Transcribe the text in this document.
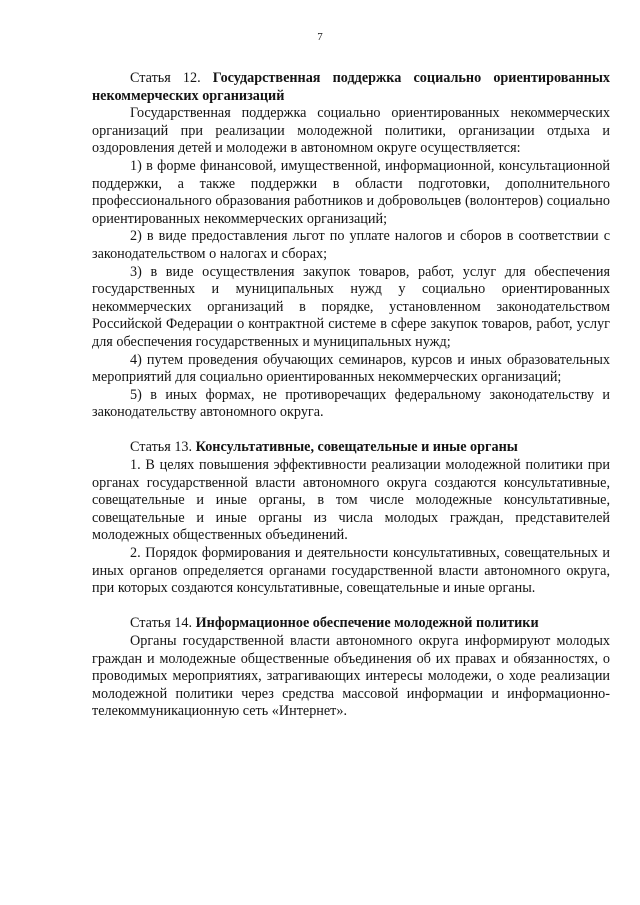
7

Статья 12. Государственная поддержка социально ориентированных некоммерческих организаций

Государственная поддержка социально ориентированных некоммерческих организаций при реализации молодежной политики, организации отдыха и оздоровления детей и молодежи в автономном округе осуществляется:

1) в форме финансовой, имущественной, информационной, консультационной поддержки, а также поддержки в области подготовки, дополнительного профессионального образования работников и добровольцев (волонтеров) социально ориентированных некоммерческих организаций;

2) в виде предоставления льгот по уплате налогов и сборов в соответствии с законодательством о налогах и сборах;

3) в виде осуществления закупок товаров, работ, услуг для обеспечения государственных и муниципальных нужд у социально ориентированных некоммерческих организаций в порядке, установленном законодательством Российской Федерации о контрактной системе в сфере закупок товаров, работ, услуг для обеспечения государственных и муниципальных нужд;

4) путем проведения обучающих семинаров, курсов и иных образовательных мероприятий для социально ориентированных некоммерческих организаций;

5) в иных формах, не противоречащих федеральному законодательству и законодательству автономного округа.

Статья 13. Консультативные, совещательные и иные органы

1. В целях повышения эффективности реализации молодежной политики при органах государственной власти автономного округа создаются консультативные, совещательные и иные органы, в том числе молодежные консультативные, совещательные и иные органы из числа молодых граждан, представителей молодежных общественных объединений.

2. Порядок формирования и деятельности консультативных, совещательных и иных органов определяется органами государственной власти автономного округа, при которых создаются консультативные, совещательные и иные органы.

Статья 14. Информационное обеспечение молодежной политики

Органы государственной власти автономного округа информируют молодых граждан и молодежные общественные объединения об их правах и обязанностях, о проводимых мероприятиях, затрагивающих интересы молодежи, о ходе реализации молодежной политики через средства массовой информации и информационно-телекоммуникационную сеть «Интернет».
